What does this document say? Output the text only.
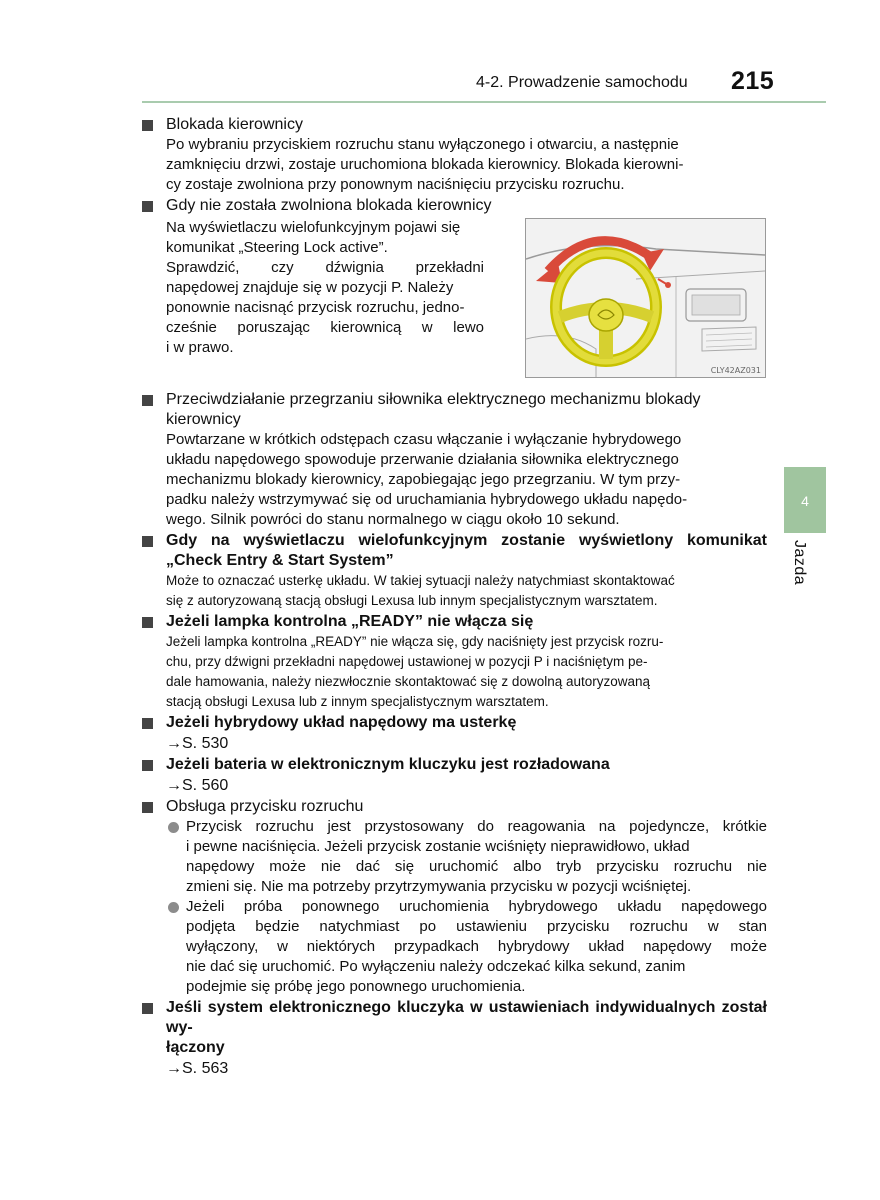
4-2. Prowadzenie samochodu 215
4
Jazda
Blokada kierownicy
Po wybraniu przyciskiem rozruchu stanu wyłączonego i otwarciu, a następnie
zamknięciu drzwi, zostaje uruchomiona blokada kierownicy. Blokada kierowni-
cy zostaje zwolniona przy ponownym naciśnięciu przycisku rozruchu.
Gdy nie została zwolniona blokada kierownicy
Na wyświetlaczu wielofunkcyjnym pojawi się
komunikat „Steering Lock active”.
Sprawdzić, czy dźwignia przekładni
napędowej znajduje się w pozycji P. Należy
ponownie nacisnąć przycisk rozruchu, jedno-
cześnie poruszając kierownicą w lewo
i w prawo.
CLY42AZ031
Przeciwdziałanie przegrzaniu siłownika elektrycznego mechanizmu blokady
kierownicy
Powtarzane w krótkich odstępach czasu włączanie i wyłączanie hybrydowego
układu napędowego spowoduje przerwanie działania siłownika elektrycznego
mechanizmu blokady kierownicy, zapobiegając jego przegrzaniu. W tym przy-
padku należy wstrzymywać się od uruchamiania hybrydowego układu napędo-
wego. Silnik powróci do stanu normalnego w ciągu około 10 sekund.
Gdy na wyświetlaczu wielofunkcyjnym zostanie wyświetlony komunikat
„Check Entry & Start System”
Może to oznaczać usterkę układu. W takiej sytuacji należy natychmiast skontaktować
się z autoryzowaną stacją obsługi Lexusa lub innym specjalistycznym warsztatem.
Jeżeli lampka kontrolna „READY” nie włącza się
Jeżeli lampka kontrolna „READY” nie włącza się, gdy naciśnięty jest przycisk rozru-
chu, przy dźwigni przekładni napędowej ustawionej w pozycji P i naciśniętym pe-
dale hamowania, należy niezwłocznie skontaktować się z dowolną autoryzowaną
stacją obsługi Lexusa lub z innym specjalistycznym warsztatem.
Jeżeli hybrydowy układ napędowy ma usterkę
→S. 530
Jeżeli bateria w elektronicznym kluczyku jest rozładowana
→S. 560
Obsługa przycisku rozruchu
Przycisk rozruchu jest przystosowany do reagowania na pojedyncze, krótkie
i pewne naciśnięcia. Jeżeli przycisk zostanie wciśnięty nieprawidłowo, układ
napędowy może nie dać się uruchomić albo tryb przycisku rozruchu nie
zmieni się. Nie ma potrzeby przytrzymywania przycisku w pozycji wciśniętej.
Jeżeli próba ponownego uruchomienia hybrydowego układu napędowego
podjęta będzie natychmiast po ustawieniu przycisku rozruchu w stan
wyłączony, w niektórych przypadkach hybrydowy układ napędowy może
nie dać się uruchomić. Po wyłączeniu należy odczekać kilka sekund, zanim
podejmie się próbę jego ponownego uruchomienia.
Jeśli system elektronicznego kluczyka w ustawieniach indywidualnych został wy-
łączony
→S. 563
